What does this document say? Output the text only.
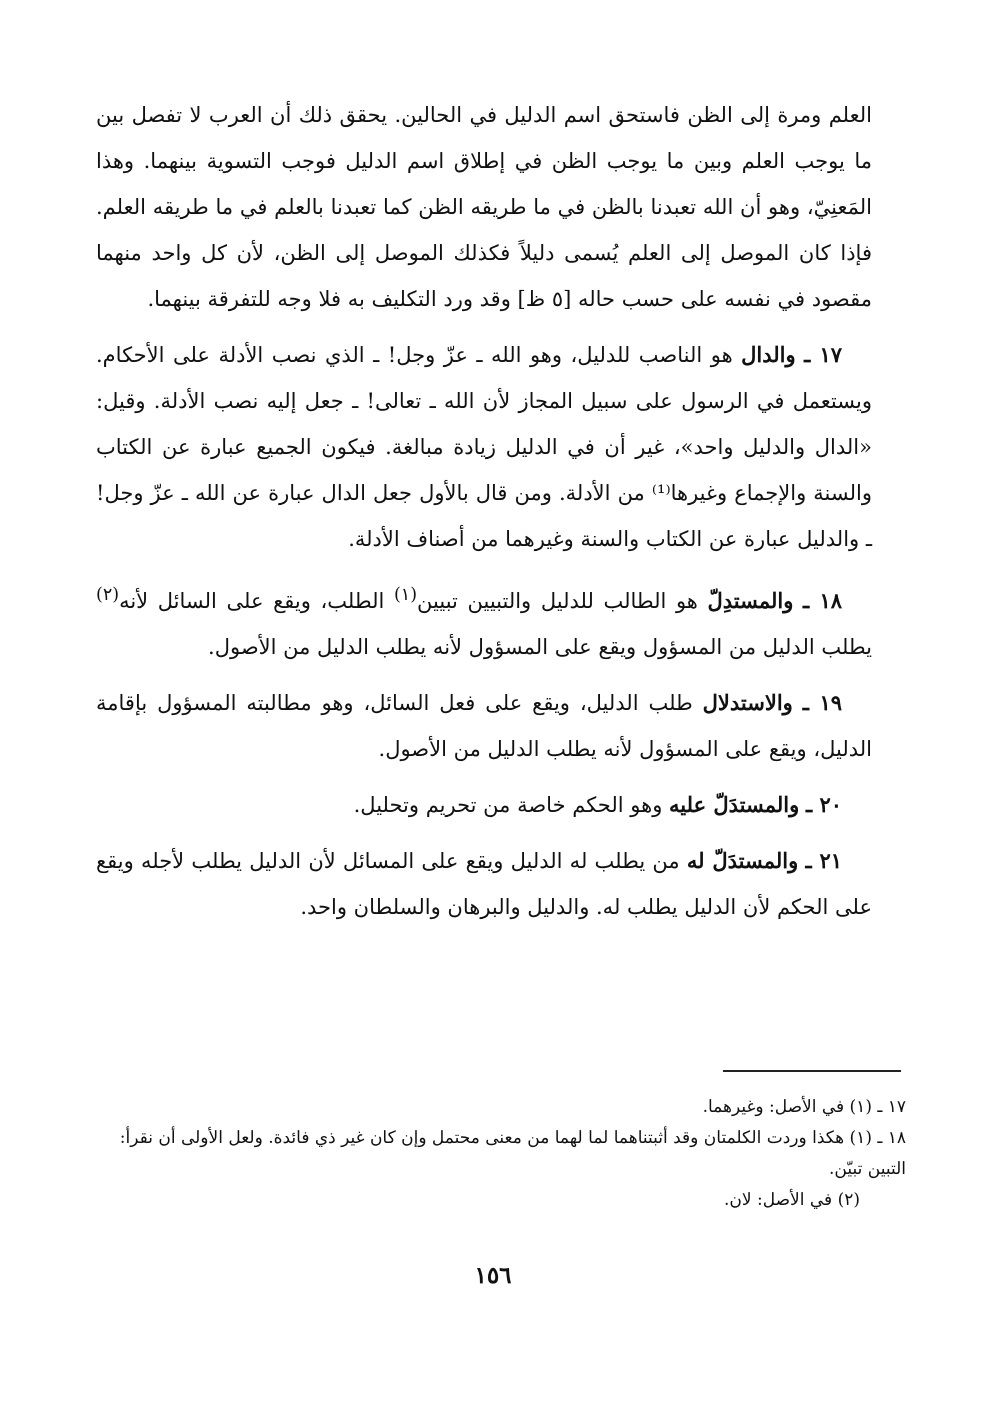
العلم ومرة إلى الظن فاستحق اسم الدليل في الحالين. يحقق ذلك أن العرب لا تفصل بين ما يوجب العلم وبين ما يوجب الظن في إطلاق اسم الدليل فوجب التسوية بينهما. وهذا المَعنِيّ، وهو أن الله تعبدنا بالظن في ما طريقه الظن كما تعبدنا بالعلم في ما طريقه العلم. فإذا كان الموصل إلى العلم يُسمى دليلاً فكذلك الموصل إلى الظن، لأن كل واحد منهما مقصود في نفسه على حسب حاله [٥ ظ] وقد ورد التكليف به فلا وجه للتفرقة بينهما.

١٧ ـ والدال هو الناصب للدليل، وهو الله ـ عزّ وجل! ـ الذي نصب الأدلة على الأحكام. ويستعمل في الرسول على سبيل المجاز لأن الله ـ تعالى! ـ جعل إليه نصب الأدلة. وقيل: «الدال والدليل واحد»، غير أن في الدليل زيادة مبالغة. فيكون الجميع عبارة عن الكتاب والسنة والإجماع وغيرها⁽¹⁾ من الأدلة. ومن قال بالأول جعل الدال عبارة عن الله ـ عزّ وجل! ـ والدليل عبارة عن الكتاب والسنة وغيرهما من أصناف الأدلة.

١٨ ـ والمستدِلّ هو الطالب للدليل والتبيين تبيين$^{(١)}$ الطلب، ويقع على السائل لأنه$^{(٢)}$ يطلب الدليل من المسؤول ويقع على المسؤول لأنه يطلب الدليل من الأصول.

١٩ ـ والاستدلال طلب الدليل، ويقع على فعل السائل، وهو مطالبته المسؤول بإقامة الدليل، ويقع على المسؤول لأنه يطلب الدليل من الأصول.

٢٠ ـ والمستدَلّ عليه وهو الحكم خاصة من تحريم وتحليل.

٢١ ـ والمستدَلّ له من يطلب له الدليل ويقع على المسائل لأن الدليل يطلب لأجله ويقع على الحكم لأن الدليل يطلب له. والدليل والبرهان والسلطان واحد.

١٧ ـ (١) في الأصل: وغيرهما.

١٨ ـ (١) هكذا وردت الكلمتان وقد أثبتناهما لما لهما من معنى محتمل وإن كان غير ذي فائدة. ولعل الأولى أن نقرأ: التبين تبيّن.

(٢) في الأصل: لان.

١٥٦
